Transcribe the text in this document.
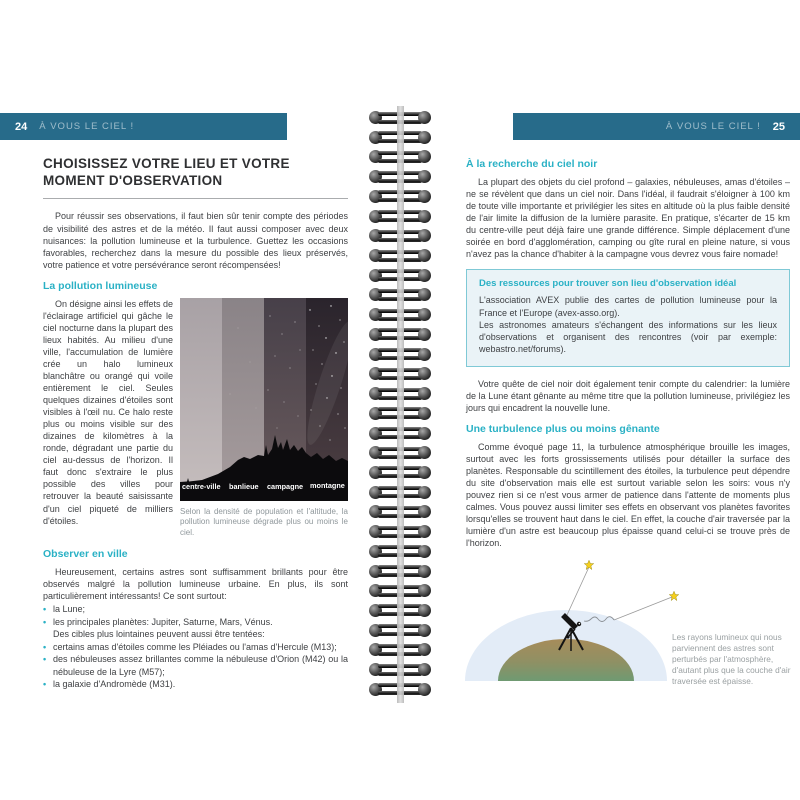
24 À VOUS LE CIEL !	À VOUS LE CIEL ! 25
CHOISISSEZ VOTRE LIEU ET VOTRE MOMENT D'OBSERVATION

Pour réussir ses observations, il faut bien sûr tenir compte des périodes de visibilité des astres et de la météo. Il faut aussi composer avec deux nuisances: la pollution lumineuse et la turbulence. Guettez les occasions favorables, recherchez dans la mesure du possible des lieux préservés, votre patience et votre persévérance seront récompensées!

La pollution lumineuse

On désigne ainsi les effets de l'éclairage artificiel qui gâche le ciel nocturne dans la plupart des lieux habités. Au milieu d'une ville, l'accumulation de lumière crée un halo lumineux blanchâtre ou orangé qui voile entièrement le ciel. Seules quelques dizaines d'étoiles sont visibles à l'œil nu. Ce halo reste plus ou moins visible sur des dizaines de kilomètres à la ronde, dégradant une partie du ciel au-dessus de l'horizon. Il faut donc s'extraire le plus possible des villes pour retrouver la beauté saisissante d'un ciel piqueté de milliers d'étoiles.

centre-ville banlieue campagne montagne
Selon la densité de population et l'altitude, la pollution lumineuse dégrade plus ou moins le ciel.
Observer en ville

Heureusement, certains astres sont suffisamment brillants pour être observés malgré la pollution lumineuse urbaine. En plus, ils sont particulièrement intéressants! Ce sont surtout:

• la Lune;
• les principales planètes: Jupiter, Saturne, Mars, Vénus.

Des cibles plus lointaines peuvent aussi être tentées:

• certains amas d'étoiles comme les Pléiades ou l'amas d'Hercule (M13);
• des nébuleuses assez brillantes comme la nébuleuse d'Orion (M42) ou la nébuleuse de la Lyre (M57);
• la galaxie d'Andromède (M31).
À la recherche du ciel noir

La plupart des objets du ciel profond – galaxies, nébuleuses, amas d'étoiles – ne se révèlent que dans un ciel noir. Dans l'idéal, il faudrait s'éloigner à 100 km de toute ville importante et privilégier les sites en altitude où la plus faible densité de l'air limite la diffusion de la lumière parasite. En pratique, s'écarter de 15 km du centre-ville peut déjà faire une grande différence. Simple déplacement d'une soirée en bord d'agglomération, camping ou gîte rural en pleine nature, si vous n'avez pas la chance d'habiter à la campagne vous devrez vous faire nomade!

Des ressources pour trouver son lieu d'observation idéal

L'association AVEX publie des cartes de pollution lumineuse pour la France et l'Europe (avex-asso.org).

Les astronomes amateurs s'échangent des informations sur les lieux d'observations et organisent des rencontres (voir par exemple: webastro.net/forums).

Votre quête de ciel noir doit également tenir compte du calendrier: la lumière de la Lune étant gênante au même titre que la pollution lumineuse, privilégiez les jours qui encadrent la nouvelle lune.

Une turbulence plus ou moins gênante

Comme évoqué page 11, la turbulence atmosphérique brouille les images, surtout avec les forts grossissements utilisés pour détailler la surface des planètes. Responsable du scintillement des étoiles, la turbulence peut dépendre du site d'observation mais elle est surtout variable selon les soirs: vous n'y pouvez rien si ce n'est vous armer de patience dans l'attente de moments plus calmes. Vous pouvez aussi limiter ses effets en observant vos planètes favorites lorsqu'elles se trouvent haut dans le ciel. En effet, la couche d'air traversée par la lumière d'un astre est beaucoup plus épaisse quand celui-ci se trouve près de l'horizon.

Les rayons lumineux qui nous parviennent des astres sont perturbés par l'atmosphère, d'autant plus que la couche d'air traversée est épaisse.
